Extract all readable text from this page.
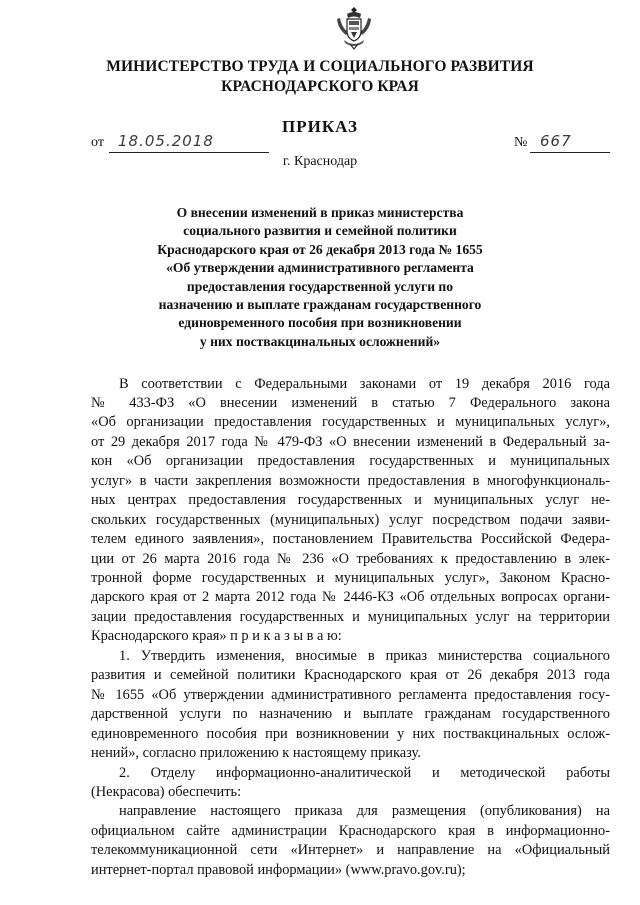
МИНИСТЕРСТВО ТРУДА И СОЦИАЛЬНОГО РАЗВИТИЯ
КРАСНОДАРСКОГО КРАЯ
ПРИКАЗ
от 18.05.2018	№ 667
г. Краснодар
О внесении изменений в приказ министерства
социального развития и семейной политики
Краснодарского края от 26 декабря 2013 года № 1655
«Об утверждении административного регламента
предоставления государственной услуги по
назначению и выплате гражданам государственного
единовременного пособия при возникновении
у них поствакцинальных осложнений»
В соответствии с Федеральными законами от 19 декабря 2016 года
№ 433-ФЗ «О внесении изменений в статью 7 Федерального закона
«Об организации предоставления государственных и муниципальных услуг»,
от 29 декабря 2017 года № 479-ФЗ «О внесении изменений в Федеральный за-
кон «Об организации предоставления государственных и муниципальных
услуг» в части закрепления возможности предоставления в многофункциональ-
ных центрах предоставления государственных и муниципальных услуг не-
скольких государственных (муниципальных) услуг посредством подачи заяви-
телем единого заявления», постановлением Правительства Российской Федера-
ции от 26 марта 2016 года № 236 «О требованиях к предоставлению в элек-
тронной форме государственных и муниципальных услуг», Законом Красно-
дарского края от 2 марта 2012 года № 2446-КЗ «Об отдельных вопросах органи-
зации предоставления государственных и муниципальных услуг на территории
Краснодарского края» п р и к а з ы в а ю:
1. Утвердить изменения, вносимые в приказ министерства социального
развития и семейной политики Краснодарского края от 26 декабря 2013 года
№ 1655 «Об утверждении административного регламента предоставления госу-
дарственной услуги по назначению и выплате гражданам государственного
единовременного пособия при возникновении у них поствакцинальных ослож-
нений», согласно приложению к настоящему приказу.
2. Отделу информационно-аналитической и методической работы
(Некрасова) обеспечить:
направление настоящего приказа для размещения (опубликования) на
официальном сайте администрации Краснодарского края в информационно-
телекоммуникационной сети «Интернет» и направление на «Официальный
интернет-портал правовой информации» (www.pravo.gov.ru);
